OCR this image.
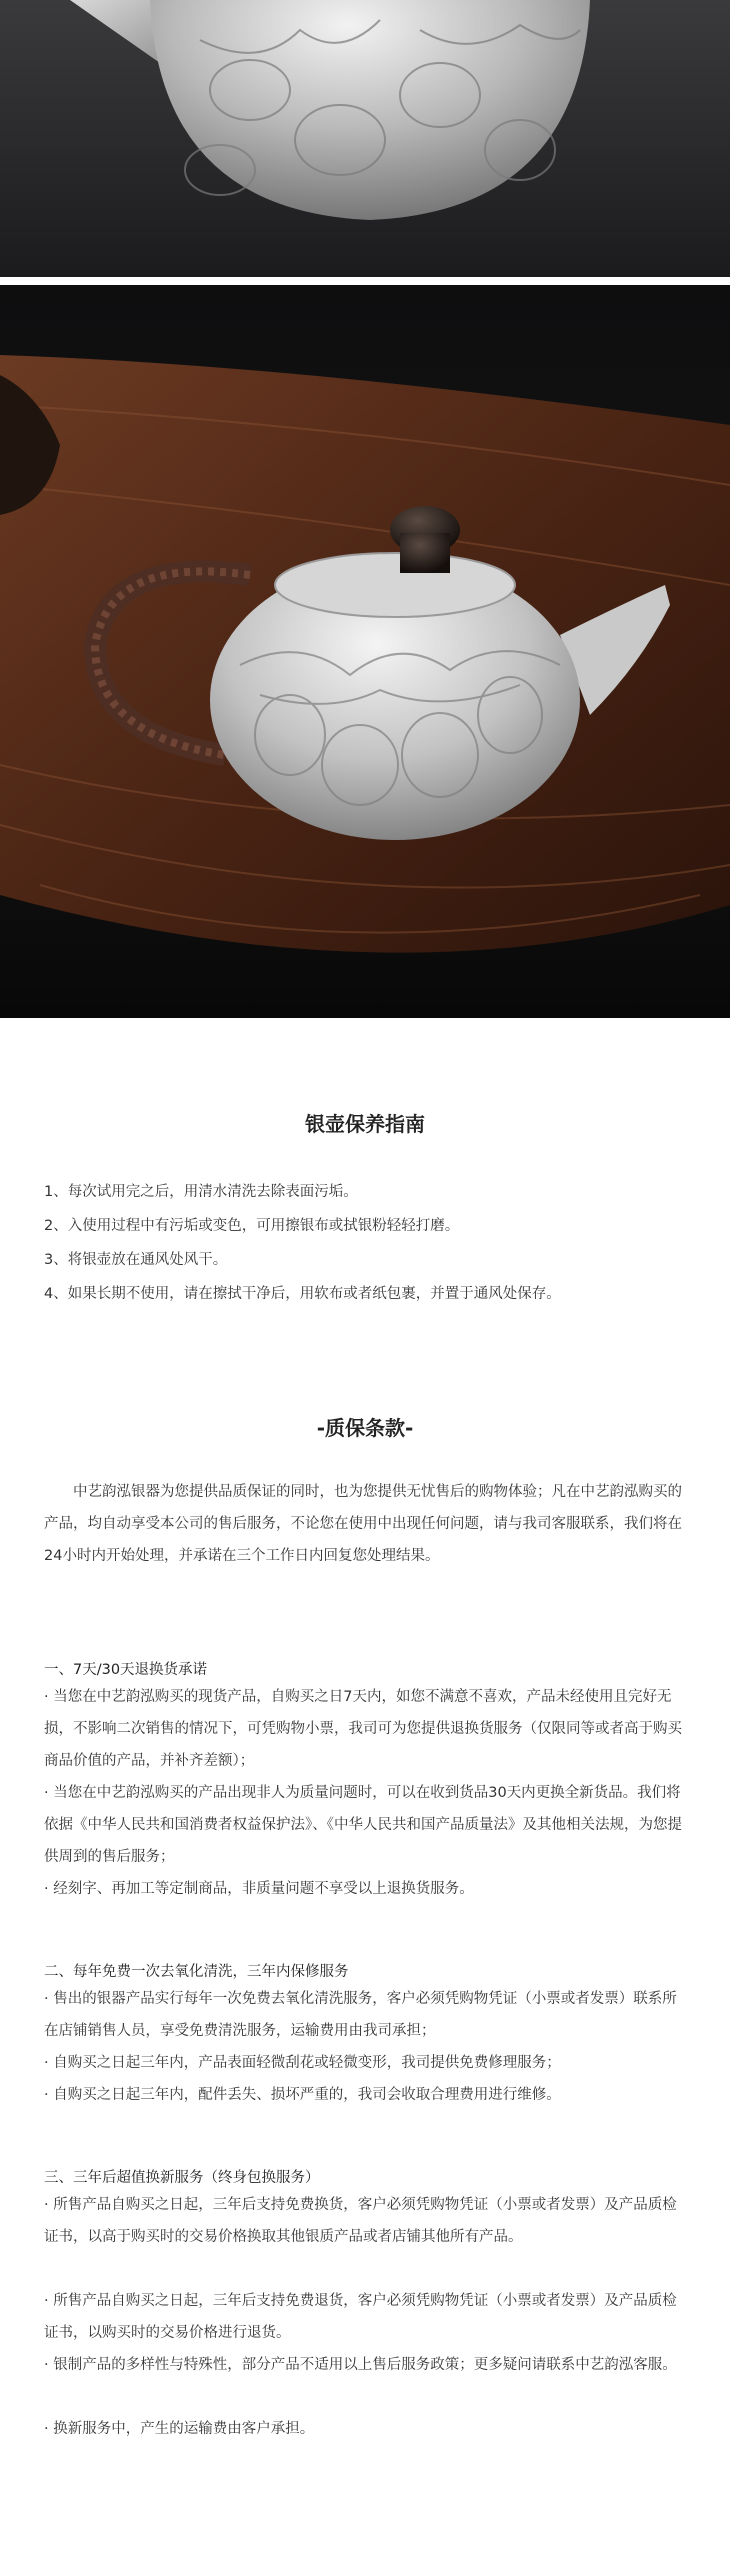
银壶保养指南
1、每次试用完之后，用清水清洗去除表面污垢。
2、入使用过程中有污垢或变色，可用擦银布或拭银粉轻轻打磨。
3、将银壶放在通风处风干。
4、如果长期不使用，请在擦拭干净后，用软布或者纸包裹，并置于通风处保存。
-质保条款-
中艺韵泓银器为您提供品质保证的同时，也为您提供无忧售后的购物体验；凡在中艺韵泓购买的产品，均自动享受本公司的售后服务，不论您在使用中出现任何问题，请与我司客服联系，我们将在24小时内开始处理，并承诺在三个工作日内回复您处理结果。
一、7天/30天退换货承诺
· 当您在中艺韵泓购买的现货产品，自购买之日7天内，如您不满意不喜欢，产品未经使用且完好无损，不影响二次销售的情况下，可凭购物小票，我司可为您提供退换货服务（仅限同等或者高于购买商品价值的产品，并补齐差额）；
· 当您在中艺韵泓购买的产品出现非人为质量问题时，可以在收到货品30天内更换全新货品。我们将依据《中华人民共和国消费者权益保护法》、《中华人民共和国产品质量法》及其他相关法规，为您提供周到的售后服务；
· 经刻字、再加工等定制商品，非质量问题不享受以上退换货服务。
二、每年免费一次去氧化清洗，三年内保修服务
· 售出的银器产品实行每年一次免费去氧化清洗服务，客户必须凭购物凭证（小票或者发票）联系所在店铺销售人员，享受免费清洗服务，运输费用由我司承担；
· 自购买之日起三年内，产品表面轻微刮花或轻微变形，我司提供免费修理服务；
· 自购买之日起三年内，配件丢失、损坏严重的，我司会收取合理费用进行维修。
三、三年后超值换新服务（终身包换服务）
· 所售产品自购买之日起，三年后支持免费换货，客户必须凭购物凭证（小票或者发票）及产品质检证书，以高于购买时的交易价格换取其他银质产品或者店铺其他所有产品。
· 所售产品自购买之日起，三年后支持免费退货，客户必须凭购物凭证（小票或者发票）及产品质检证书，以购买时的交易价格进行退货。
· 银制产品的多样性与特殊性，部分产品不适用以上售后服务政策；更多疑问请联系中艺韵泓客服。
· 换新服务中，产生的运输费由客户承担。
